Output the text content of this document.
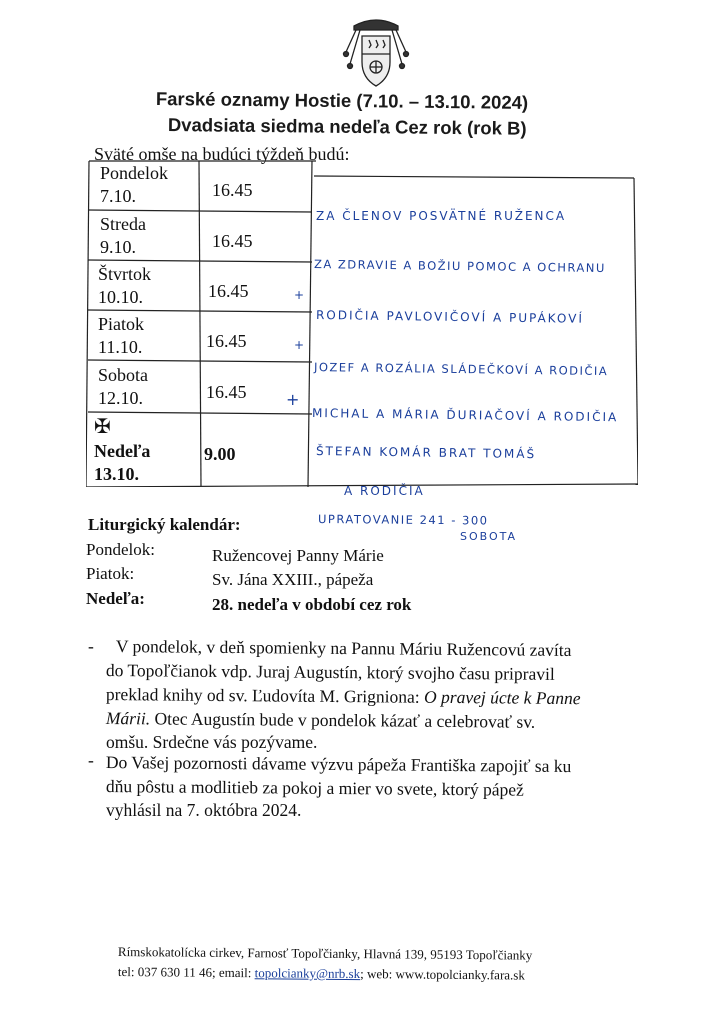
Farské oznamy Hostie (7.10. – 13.10. 2024)
Dvadsiata siedma nedeľa Cez rok (rok B)
Sväté omše na budúci týždeň budú:
Pondelok
7.10.	16.45
ZA ČLENOV POSVÄTNÉ RUŽENCA
Streda
9.10.	16.45
ZA ZDRAVIE A BOŽIU POMOC A OCHRANU
Štvrtok
10.10.	16.45	+
RODIČIA PAVLOVIČOVÍ A PUPÁKOVÍ
Piatok
11.10.	16.45	+
JOZEF A ROZÁLIA SLÁDEČKOVÍ A RODIČIA
Sobota
12.10.	16.45 +
MICHAL A MÁRIA ĎURIAČOVÍ A RODIČIA
✠
Nedeľa
13.10.
9.00	ŠTEFAN KOMÁR BRAT TOMÁŠ
A RODIČIA
UPRATOVANIE 241 - 300
SOBOTA
Liturgický kalendár:
Pondelok:	Ružencovej Panny Márie
Piatok:	Sv. Jána XXIII., pápeža
Nedeľa:	28. nedeľa v období cez rok
- V pondelok, v deň spomienky na Pannu Máriu Ružencovú zavíta
do Topoľčianok vdp. Juraj Augustín, ktorý svojho času pripravil
preklad knihy od sv. Ľudovíta M. Grigniona: O pravej úcte k Panne
Márii. Otec Augustín bude v pondelok kázať a celebrovať sv.
omšu. Srdečne vás pozývame.
- Do Vašej pozornosti dávame výzvu pápeža Františka zapojiť sa ku
dňu pôstu a modlitieb za pokoj a mier vo svete, ktorý pápež
vyhlásil na 7. októbra 2024.
Rímskokatolícka cirkev, Farnosť Topoľčianky, Hlavná 139, 95193 Topoľčianky
tel: 037 630 11 46; email: topolcianky@nrb.sk; web: www.topolcianky.fara.sk
